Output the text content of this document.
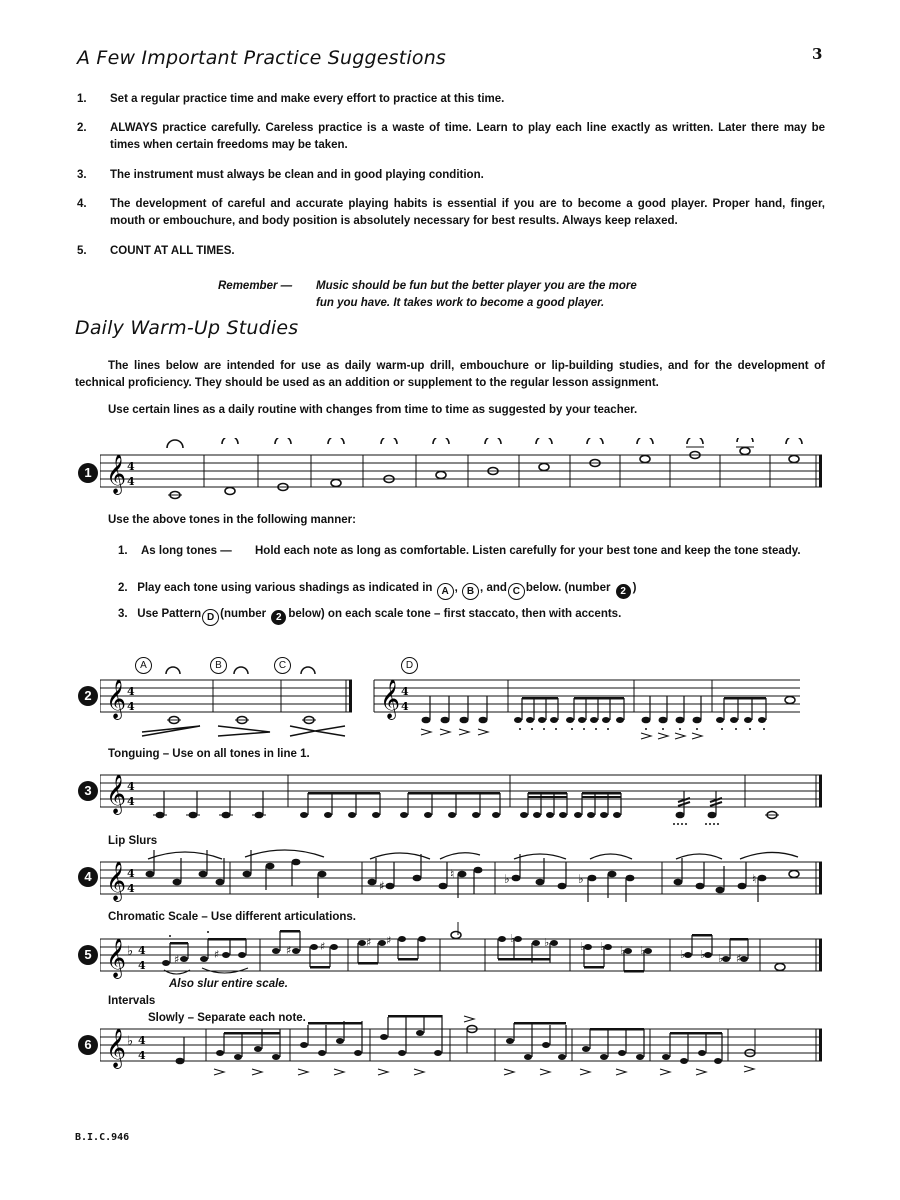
A Few Important Practice Suggestions	3
1. Set a regular practice time and make every effort to practice at this time.
2. ALWAYS practice carefully. Careless practice is a waste of time. Learn to play each line exactly as written. Later there may be times when certain freedoms may be taken.
3. The instrument must always be clean and in good playing condition.
4. The development of careful and accurate playing habits is essential if you are to become a good player. Proper hand, finger, mouth or embouchure, and body position is absolutely necessary for best results. Always keep relaxed.
5. COUNT AT ALL TIMES.
Remember — Music should be fun but the better player you are the more
fun you have. It takes work to become a good player.
Daily Warm-Up Studies
The lines below are intended for use as daily warm-up drill, embouchure or lip-building studies, and for the development of technical proficiency. They should be used as an addition or supplement to the regular lesson assignment.
Use certain lines as a daily routine with changes from time to time as suggested by your teacher.
1 𝄞 4
4
Use the above tones in the following manner:
1. As long tones — Hold each note as long as comfortable. Listen carefully for your best tone and keep the tone steady.
2. Play each tone using various shadings as indicated in A , B , and C below. (number 2 )
3. Use Pattern D (number 2 below) on each scale tone – first staccato, then with accents.
2
A	B	C	D
𝄞 4
4	𝄞 4
4
Tonguing – Use on all tones in line 1.
3 𝄞 4
4
Lip Slurs
4 𝄞 4
4	♯
♮	♭	♭	♮
Chromatic Scale – Use different articulations.
5 𝄞 ♭ 4
4	♯	♯	♯	♯	♯ ♯	♭	♭	♭ ♭ ♭ ♭	♭ ♭ ♭ ♯
Also slur entire scale.
Intervals
Slowly – Separate each note.
6 𝄞 ♭ 4
4
B.I.C.946
